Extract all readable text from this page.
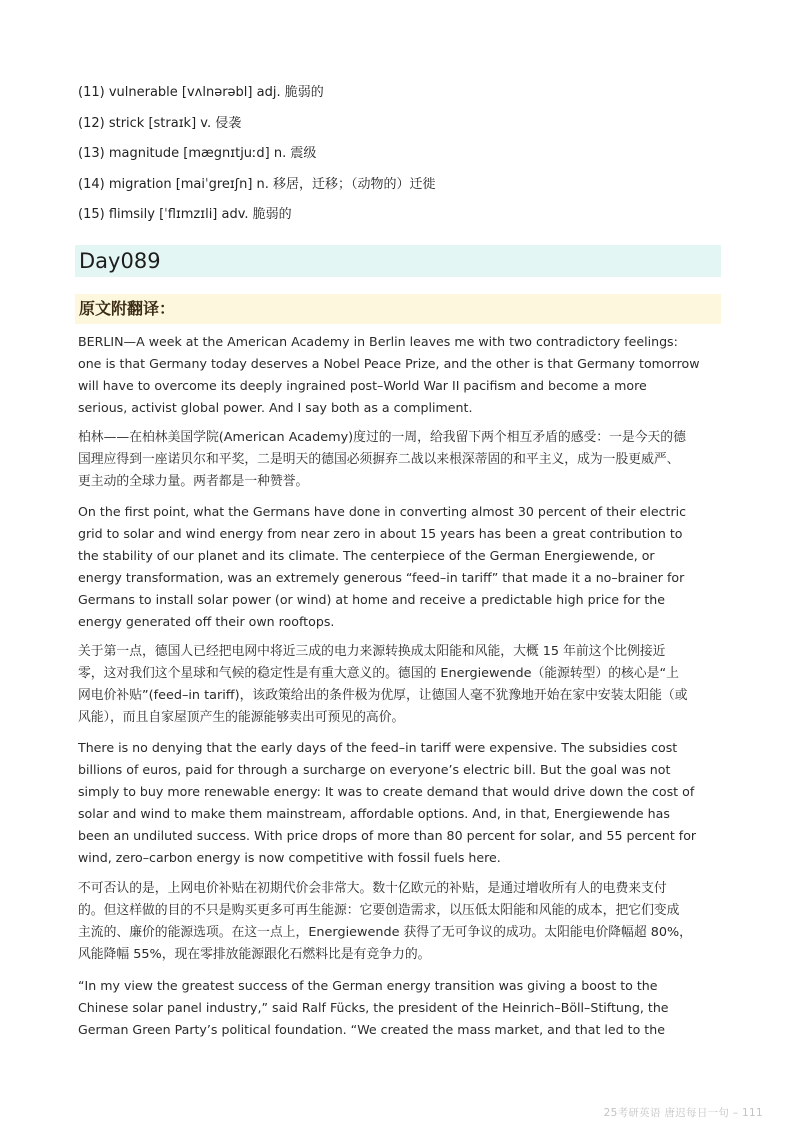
(11) vulnerable [vʌlnərəbl] adj. 脆弱的
(12) strick [straɪk] v. 侵袭
(13) magnitude [mægnɪtjuːd] n. 震级
(14) migration [maiˈgreɪʃn] n. 移居，迁移；（动物的）迁徙
(15) flimsily [ˈflɪmzɪli] adv. 脆弱的
Day089
原文附翻译：
BERLIN—A week at the American Academy in Berlin leaves me with two contradictory feelings:
one is that Germany today deserves a Nobel Peace Prize, and the other is that Germany tomorrow
will have to overcome its deeply ingrained post–World War II pacifism and become a more
serious, activist global power. And I say both as a compliment.
柏林——在柏林美国学院(American Academy)度过的一周，给我留下两个相互矛盾的感受：一是今天的德
国理应得到一座诺贝尔和平奖，二是明天的德国必须摒弃二战以来根深蒂固的和平主义，成为一股更威严、
更主动的全球力量。两者都是一种赞誉。
On the first point, what the Germans have done in converting almost 30 percent of their electric
grid to solar and wind energy from near zero in about 15 years has been a great contribution to
the stability of our planet and its climate. The centerpiece of the German Energiewende, or
energy transformation, was an extremely generous “feed–in tariff” that made it a no–brainer for
Germans to install solar power (or wind) at home and receive a predictable high price for the
energy generated off their own rooftops.
关于第一点，德国人已经把电网中将近三成的电力来源转换成太阳能和风能，大概 15 年前这个比例接近
零，这对我们这个星球和气候的稳定性是有重大意义的。德国的 Energiewende（能源转型）的核心是“上
网电价补贴”(feed–in tariff)，该政策给出的条件极为优厚，让德国人毫不犹豫地开始在家中安装太阳能（或
风能），而且自家屋顶产生的能源能够卖出可预见的高价。
There is no denying that the early days of the feed–in tariff were expensive. The subsidies cost
billions of euros, paid for through a surcharge on everyone’s electric bill. But the goal was not
simply to buy more renewable energy: It was to create demand that would drive down the cost of
solar and wind to make them mainstream, affordable options. And, in that, Energiewende has
been an undiluted success. With price drops of more than 80 percent for solar, and 55 percent for
wind, zero–carbon energy is now competitive with fossil fuels here.
不可否认的是，上网电价补贴在初期代价会非常大。数十亿欧元的补贴，是通过增收所有人的电费来支付
的。但这样做的目的不只是购买更多可再生能源：它要创造需求，以压低太阳能和风能的成本，把它们变成
主流的、廉价的能源选项。在这一点上，Energiewende 获得了无可争议的成功。太阳能电价降幅超 80%，
风能降幅 55%，现在零排放能源跟化石燃料比是有竞争力的。
“In my view the greatest success of the German energy transition was giving a boost to the
Chinese solar panel industry,” said Ralf Fücks, the president of the Heinrich–Böll–Stiftung, the
German Green Party’s political foundation. “We created the mass market, and that led to the
25考研英语 唐迟每日一句 – 111
